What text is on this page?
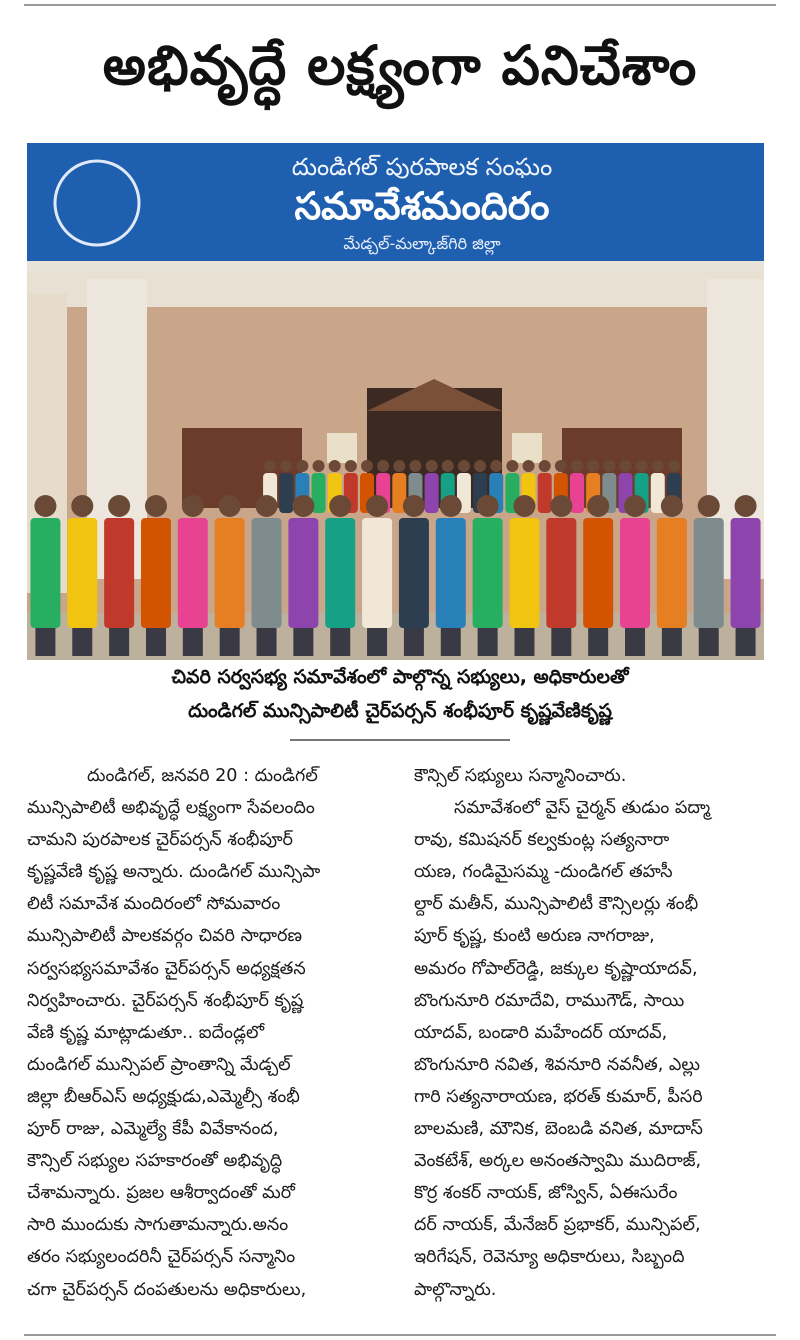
అభివృద్ధే లక్ష్యంగా పనిచేశాం
దుండిగల్ పురపాలక సంఘం
సమావేశమందిరం
మేడ్చల్-మల్కాజ్‌గిరి జిల్లా
చివరి సర్వసభ్య సమావేశంలో పాల్గొన్న సభ్యులు, అధికారులతో
దుండిగల్ మున్సిపాలిటీ చైర్‌పర్సన్ శంభీపూర్ కృష్ణవేణికృష్ణ
దుండిగల్, జనవరి 20 : దుండిగల్
మున్సిపాలిటీ అభివృద్ధే లక్ష్యంగా సేవలందిం
చామని పురపాలక చైర్‌పర్సన్ శంభీపూర్
కృష్ణవేణి కృష్ణ అన్నారు. దుండిగల్ మున్సిపా
లిటీ సమావేశ మందిరంలో సోమవారం
మున్సిపాలిటీ పాలకవర్గం చివరి సాధారణ
సర్వసభ్యసమావేశం చైర్‌పర్సన్ అధ్యక్షతన
నిర్వహించారు. చైర్‌పర్సన్ శంభీపూర్ కృష్ణ
వేణి కృష్ణ మాట్లాడుతూ.. ఐదేండ్లలో
దుండిగల్ మున్సిపల్ ప్రాంతాన్ని మేడ్చల్
జిల్లా బీఆర్‌ఎస్ అధ్యక్షుడు,ఎమ్మెల్సీ శంభీ
పూర్ రాజు, ఎమ్మెల్యే కేపీ వివేకానంద,
కౌన్సిల్ సభ్యుల సహకారంతో అభివృద్ధి
చేశామన్నారు. ప్రజల ఆశీర్వాదంతో మరో
సారి ముందుకు సాగుతామన్నారు.అనం
తరం సభ్యులందరినీ చైర్‌పర్సన్ సన్మానిం
చగా చైర్‌పర్సన్ దంపతులను అధికారులు,
కౌన్సిల్ సభ్యులు సన్మానించారు.
సమావేశంలో వైస్ చైర్మన్ తుడుం పద్మా
రావు, కమిషనర్ కల్వకుంట్ల సత్యనారా
యణ, గండిమైసమ్మ -దుండిగల్ తహసీ
ల్దార్ మతీన్, మున్సిపాలిటీ కౌన్సిలర్లు శంభీ
పూర్ కృష్ణ, కుంటి అరుణ నాగరాజు,
అమరం గోపాల్‌రెడ్డి, జక్కుల కృష్ణాయాదవ్,
బొంగునూరి రమాదేవి, రాముగౌడ్, సాయి
యాదవ్, బండారి మహేందర్ యాదవ్,
బొంగునూరి నవిత, శివనూరి నవనీత, ఎల్లు
గారి సత్యనారాయణ, భరత్ కుమార్, పీసరి
బాలమణి, మౌనిక, బెంబడి వనిత, మాదాస్
వెంకటేశ్, అర్కల అనంతస్వామి ముదిరాజ్,
కొర్ర శంకర్ నాయక్, జోస్విన్, ఏఈసురేం
దర్ నాయక్, మేనేజర్ ప్రభాకర్, మున్సిపల్,
ఇరిగేషన్, రెవెన్యూ అధికారులు, సిబ్బంది
పాల్గొన్నారు.
